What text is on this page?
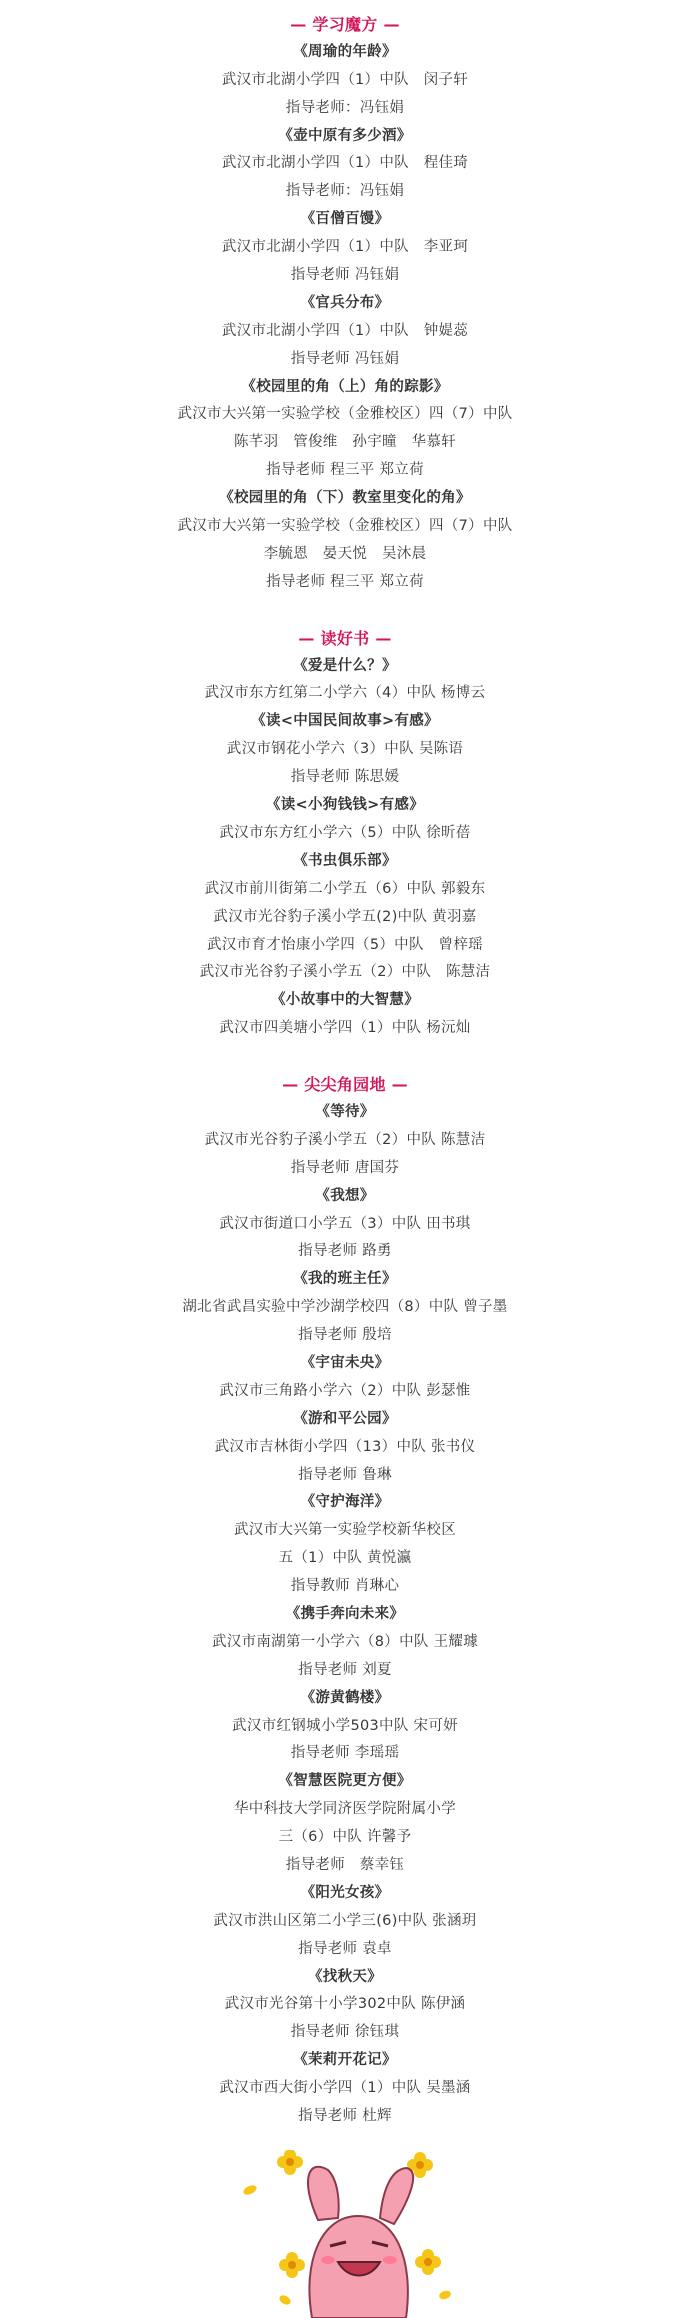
— 学习魔方 —
《周瑜的年龄》
武汉市北湖小学四（1）中队　闵子轩
指导老师：冯钰娟
《壶中原有多少酒》
武汉市北湖小学四（1）中队　程佳琦
指导老师：冯钰娟
《百僧百馒》
武汉市北湖小学四（1）中队　李亚珂
指导老师 冯钰娟
《官兵分布》
武汉市北湖小学四（1）中队　钟媞蕊
指导老师 冯钰娟
《校园里的角（上）角的踪影》
武汉市大兴第一实验学校（金雅校区）四（7）中队
陈芊羽　管俊维　孙宇曈　华慕轩
指导老师 程三平 郑立荷
《校园里的角（下）教室里变化的角》
武汉市大兴第一实验学校（金雅校区）四（7）中队
李毓恩　晏天悦　吴沐晨
指导老师 程三平 郑立荷
— 读好书 —
《爱是什么？》
武汉市东方红第二小学六（4）中队 杨博云
《读<中国民间故事>有感》
武汉市钢花小学六（3）中队 吴陈语
指导老师 陈思媛
《读<小狗钱钱>有感》
武汉市东方红小学六（5）中队 徐昕蓓
《书虫俱乐部》
武汉市前川街第二小学五（6）中队 郭毅东
武汉市光谷豹子溪小学五(2)中队 黄羽嘉
武汉市育才怡康小学四（5）中队　曾梓瑶
武汉市光谷豹子溪小学五（2）中队　陈慧洁
《小故事中的大智慧》
武汉市四美塘小学四（1）中队 杨沅灿
— 尖尖角园地 —
《等待》
武汉市光谷豹子溪小学五（2）中队 陈慧洁
指导老师 唐国芬
《我想》
武汉市街道口小学五（3）中队 田书琪
指导老师 路勇
《我的班主任》
湖北省武昌实验中学沙湖学校四（8）中队 曾子墨
指导老师 殷培
《宇宙未央》
武汉市三角路小学六（2）中队 彭瑟惟
《游和平公园》
武汉市吉林街小学四（13）中队 张书仪
指导老师 鲁琳
《守护海洋》
武汉市大兴第一实验学校新华校区
五（1）中队 黄悦瀛
指导教师 肖琳心
《携手奔向未来》
武汉市南湖第一小学六（8）中队 王耀璩
指导老师 刘夏
《游黄鹤楼》
武汉市红钢城小学503中队 宋可妍
指导老师 李瑶瑶
《智慧医院更方便》
华中科技大学同济医学院附属小学
三（6）中队 许馨予
指导老师　蔡幸钰
《阳光女孩》
武汉市洪山区第二小学三(6)中队 张涵玥
指导老师 袁卓
《找秋天》
武汉市光谷第十小学302中队 陈伊涵
指导老师 徐钰琪
《茉莉开花记》
武汉市西大街小学四（1）中队 吴墨涵
指导老师 杜辉
